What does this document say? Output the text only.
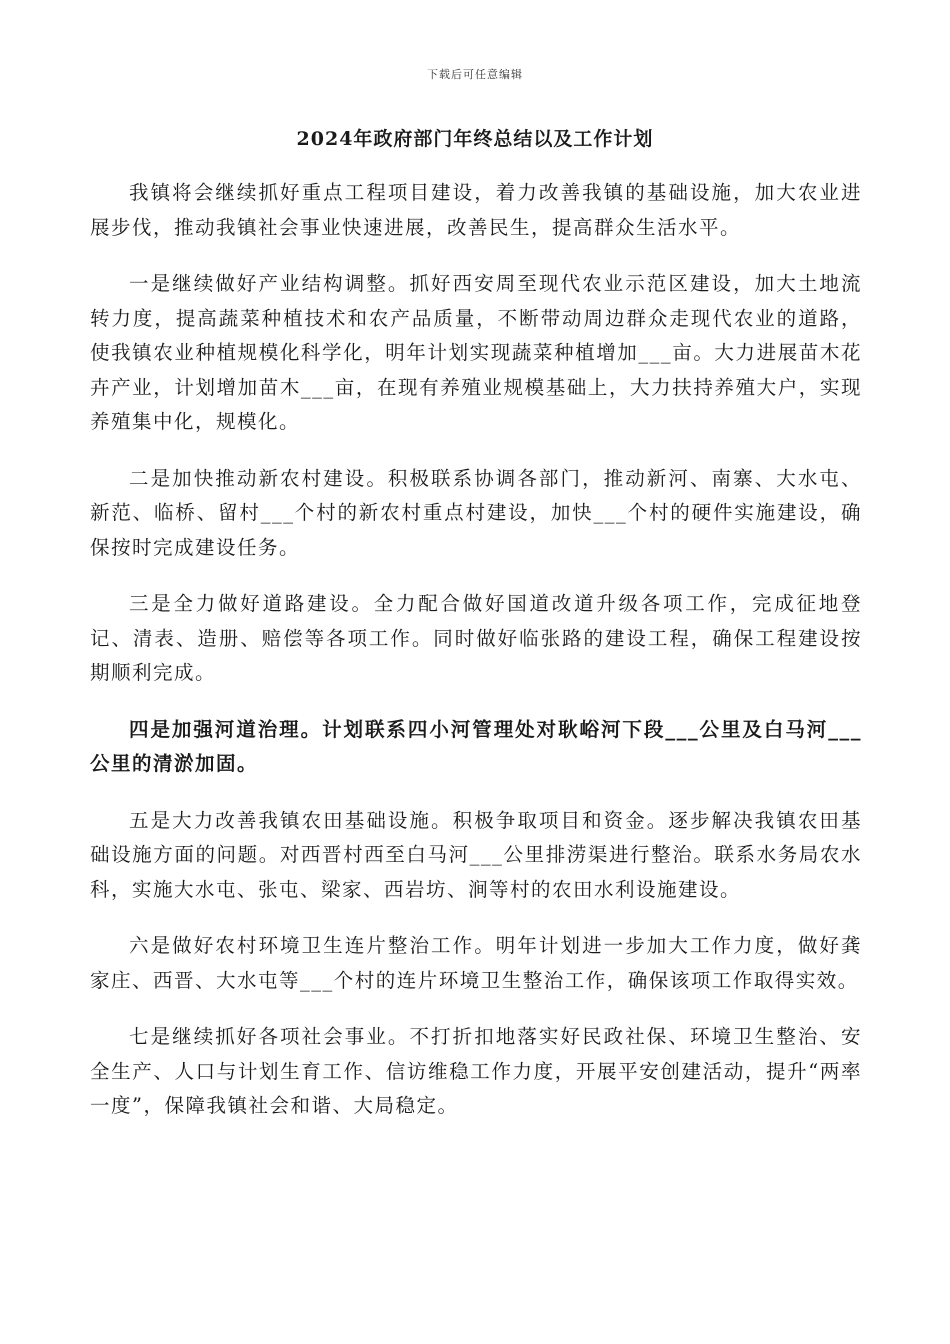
下载后可任意编辑
2024年政府部门年终总结以及工作计划

我镇将会继续抓好重点工程项目建设，着力改善我镇的基础设施，加大农业进展步伐，推动我镇社会事业快速进展，改善民生，提高群众生活水平。

一是继续做好产业结构调整。抓好西安周至现代农业示范区建设，加大土地流转力度，提高蔬菜种植技术和农产品质量，不断带动周边群众走现代农业的道路，使我镇农业种植规模化科学化，明年计划实现蔬菜种植增加___亩。大力进展苗木花卉产业，计划增加苗木___亩，在现有养殖业规模基础上，大力扶持养殖大户，实现养殖集中化，规模化。

二是加快推动新农村建设。积极联系协调各部门，推动新河、南寨、大水屯、新范、临桥、留村___个村的新农村重点村建设，加快___个村的硬件实施建设，确保按时完成建设任务。

三是全力做好道路建设。全力配合做好国道改道升级各项工作，完成征地登记、清表、造册、赔偿等各项工作。同时做好临张路的建设工程，确保工程建设按期顺利完成。

四是加强河道治理。计划联系四小河管理处对耿峪河下段___公里及白马河___公里的清淤加固。

五是大力改善我镇农田基础设施。积极争取项目和资金。逐步解决我镇农田基础设施方面的问题。对西晋村西至白马河___公里排涝渠进行整治。联系水务局农水科，实施大水屯、张屯、梁家、西岩坊、涧等村的农田水利设施建设。

六是做好农村环境卫生连片整治工作。明年计划进一步加大工作力度，做好龚家庄、西晋、大水屯等___个村的连片环境卫生整治工作，确保该项工作取得实效。

七是继续抓好各项社会事业。不打折扣地落实好民政社保、环境卫生整治、安全生产、人口与计划生育工作、信访维稳工作力度，开展平安创建活动，提升“两率一度”，保障我镇社会和谐、大局稳定。
